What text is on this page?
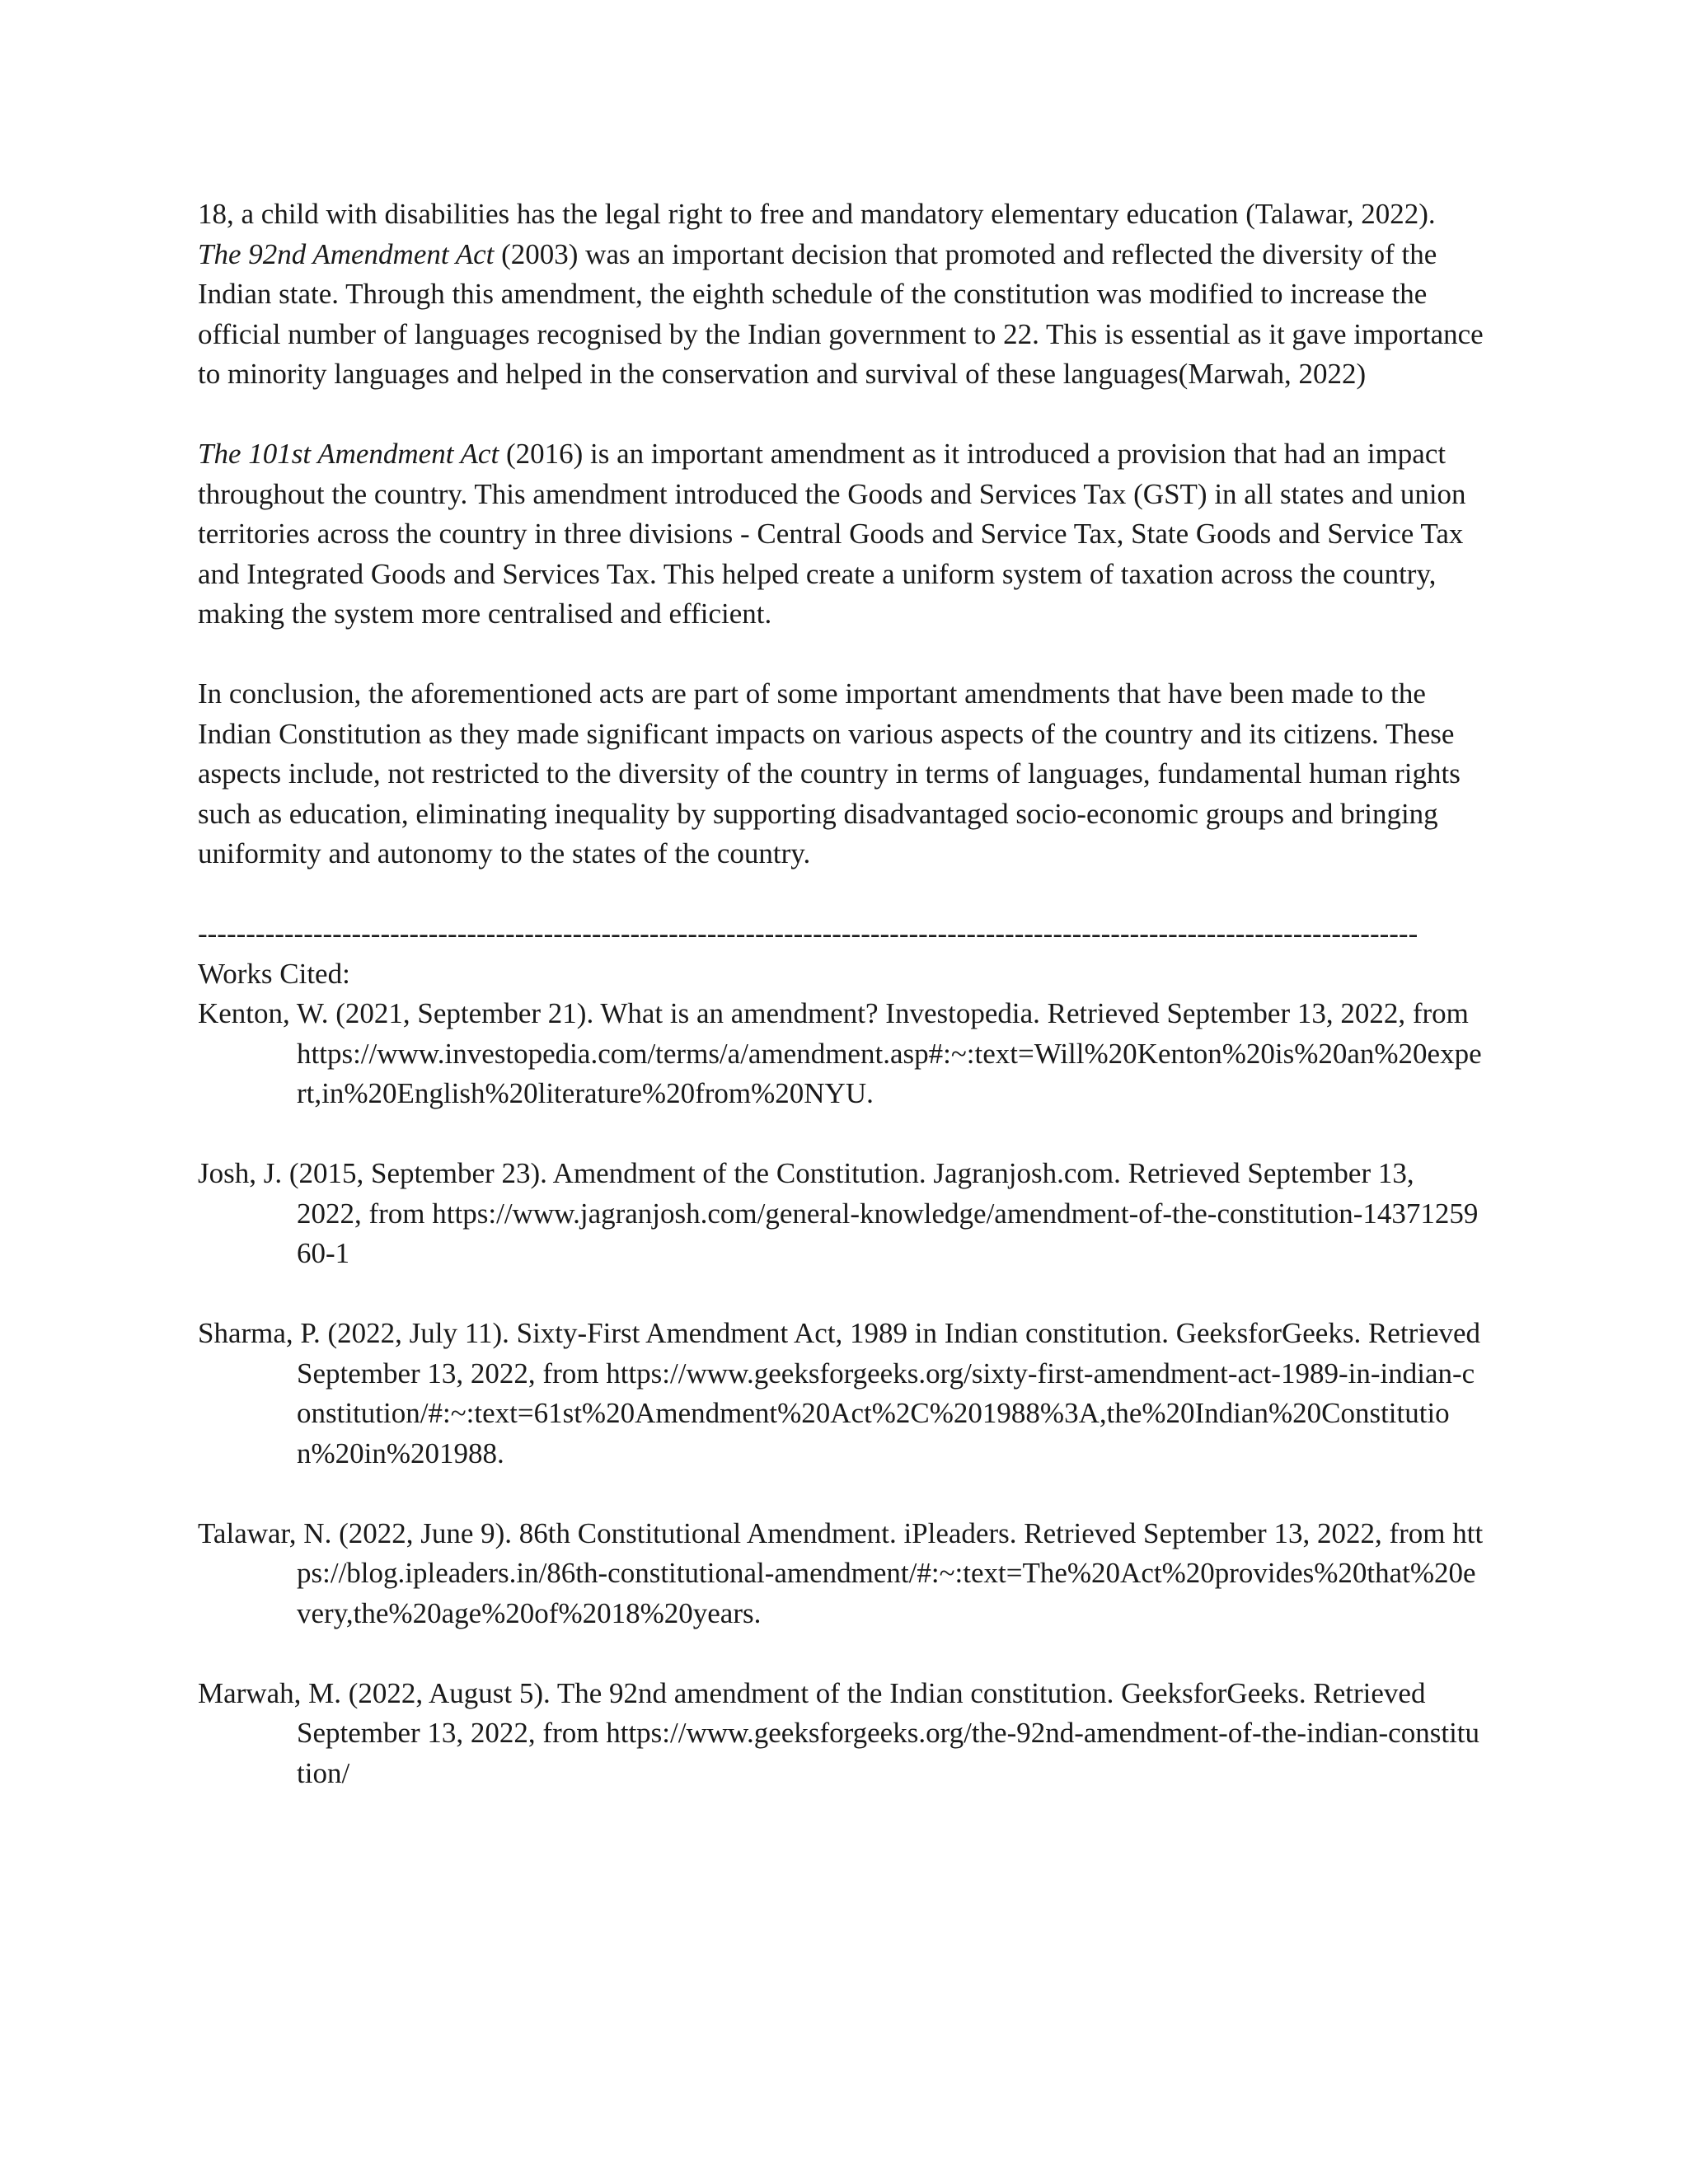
18, a child with disabilities has the legal right to free and mandatory elementary education (Talawar, 2022).

The 92nd Amendment Act (2003) was an important decision that promoted and reflected the diversity of the Indian state. Through this amendment, the eighth schedule of the constitution was modified to increase the official number of languages recognised by the Indian government to 22. This is essential as it gave importance to minority languages and helped in the conservation and survival of these languages(Marwah, 2022)

The 101st Amendment Act (2016) is an important amendment as it introduced a provision that had an impact throughout the country. This amendment introduced the Goods and Services Tax (GST) in all states and union territories across the country in three divisions - Central Goods and Service Tax, State Goods and Service Tax and Integrated Goods and Services Tax. This helped create a uniform system of taxation across the country, making the system more centralised and efficient.

In conclusion, the aforementioned acts are part of some important amendments that have been made to the Indian Constitution as they made significant impacts on various aspects of the country and its citizens. These aspects include, not restricted to the diversity of the country in terms of languages, fundamental human rights such as education, eliminating inequality by supporting disadvantaged socio-economic groups and bringing uniformity and autonomy to the states of the country.

-------------------------------------------------------------------------------------------------------------------------------

Works Cited:

Kenton, W. (2021, September 21). What is an amendment? Investopedia. Retrieved September 13, 2022, from https://www.investopedia.com/terms/a/amendment.asp#:~:text=Will%20Kenton%20is%20an%20expert,in%20English%20literature%20from%20NYU.

Josh, J. (2015, September 23). Amendment of the Constitution. Jagranjosh.com. Retrieved September 13, 2022, from https://www.jagranjosh.com/general-knowledge/amendment-of-the-constitution-1437125960-1

Sharma, P. (2022, July 11). Sixty-First Amendment Act, 1989 in Indian constitution. GeeksforGeeks. Retrieved September 13, 2022, from https://www.geeksforgeeks.org/sixty-first-amendment-act-1989-in-indian-constitution/#:~:text=61st%20Amendment%20Act%2C%201988%3A,the%20Indian%20Constitution%20in%201988.

Talawar, N. (2022, June 9). 86th Constitutional Amendment. iPleaders. Retrieved September 13, 2022, from https://blog.ipleaders.in/86th-constitutional-amendment/#:~:text=The%20Act%20provides%20that%20every,the%20age%20of%2018%20years.

Marwah, M. (2022, August 5). The 92nd amendment of the Indian constitution. GeeksforGeeks. Retrieved September 13, 2022, from https://www.geeksforgeeks.org/the-92nd-amendment-of-the-indian-constitution/
